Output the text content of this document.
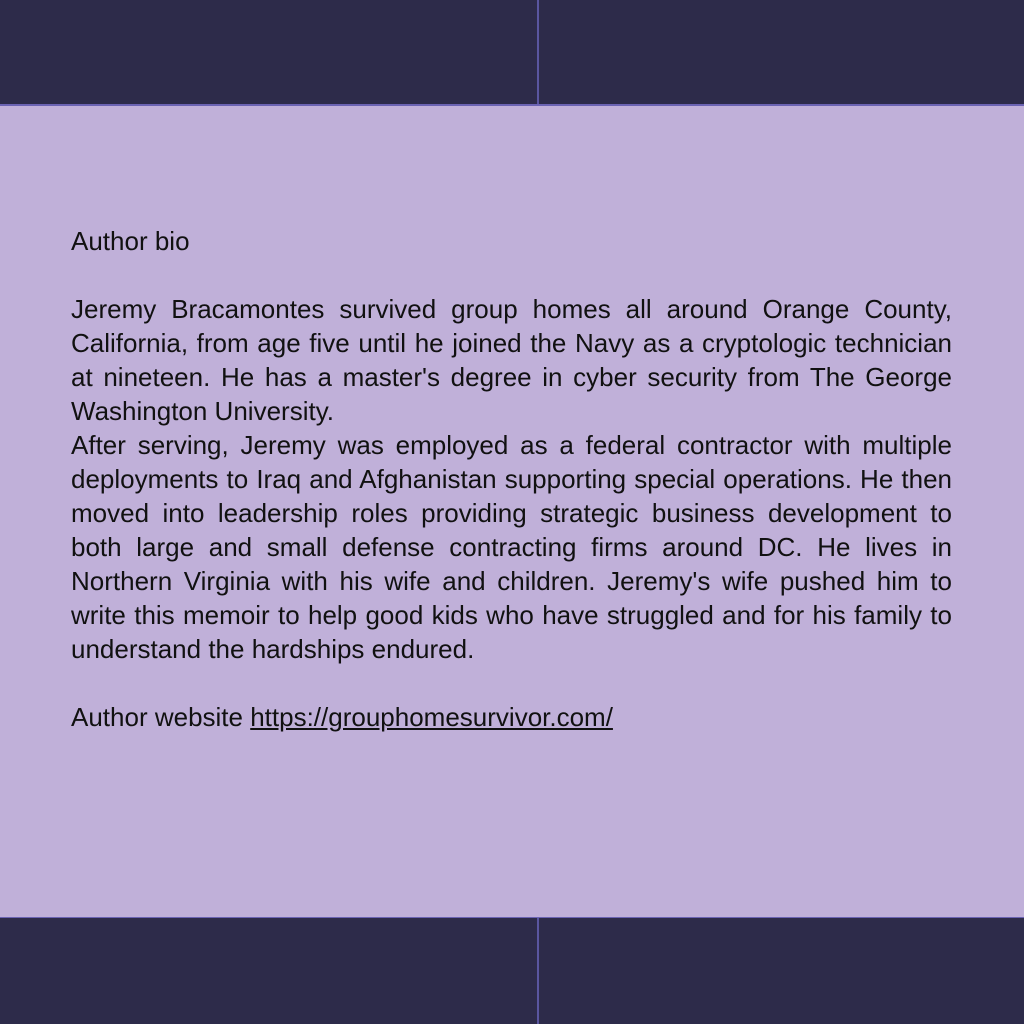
Author bio

Jeremy Bracamontes survived group homes all around Orange County, California, from age five until he joined the Navy as a cryptologic technician at nineteen. He has a master's degree in cyber security from The George Washington University.

After serving, Jeremy was employed as a federal contractor with multiple deployments to Iraq and Afghanistan supporting special operations. He then moved into leadership roles providing strategic business development to both large and small defense contracting firms around DC. He lives in Northern Virginia with his wife and children. Jeremy's wife pushed him to write this memoir to help good kids who have struggled and for his family to understand the hardships endured.

Author website https://grouphomesurvivor.com/
